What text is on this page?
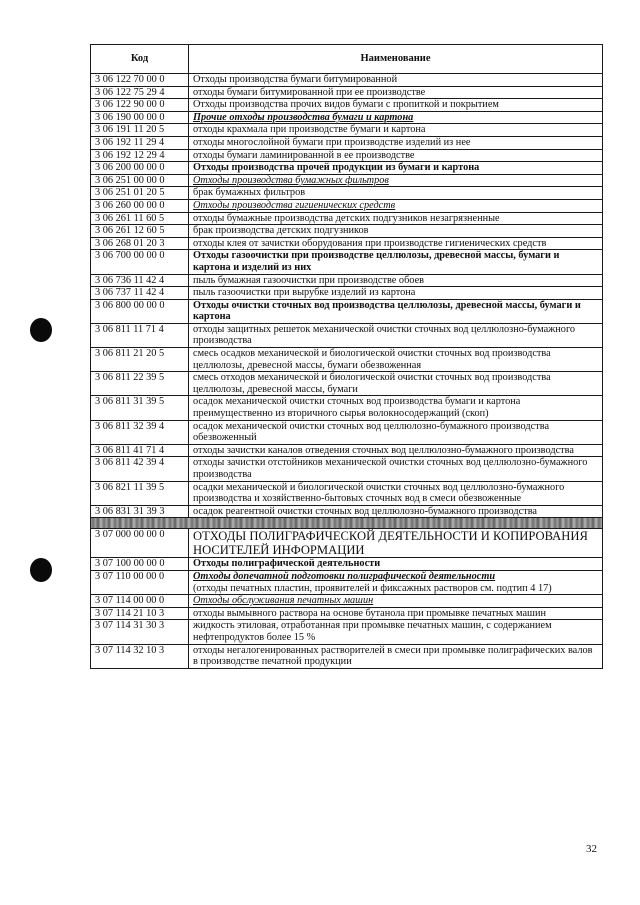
Код	Наименование
3 06 122 70 00 0	Отходы производства бумаги битумированной
3 06 122 75 29 4	отходы бумаги битумированной при ее производстве
3 06 122 90 00 0	Отходы производства прочих видов бумаги с пропиткой и покрытием
3 06 190 00 00 0	Прочие отходы производства бумаги и картона
3 06 191 11 20 5	отходы крахмала при производстве бумаги и картона
3 06 192 11 29 4	отходы многослойной бумаги при производстве изделий из нее
3 06 192 12 29 4	отходы бумаги ламинированной в ее производстве
3 06 200 00 00 0	Отходы производства прочей продукции из бумаги и картона
3 06 251 00 00 0	Отходы производства бумажных фильтров
3 06 251 01 20 5	брак бумажных фильтров
3 06 260 00 00 0	Отходы производства гигиенических средств
3 06 261 11 60 5	отходы бумажные производства детских подгузников незагрязненные
3 06 261 12 60 5	брак производства детских подгузников
3 06 268 01 20 3	отходы клея от зачистки оборудования при производстве гигиенических средств
3 06 700 00 00 0	Отходы газоочистки при производстве целлюлозы, древесной массы, бумаги и картона и изделий из них
3 06 736 11 42 4	пыль бумажная газоочистки при производстве обоев
3 06 737 11 42 4	пыль газоочистки при вырубке изделий из картона
3 06 800 00 00 0	Отходы очистки сточных вод производства целлюлозы, древесной массы, бумаги и картона
3 06 811 11 71 4	отходы защитных решеток механической очистки сточных вод целлюлозно-бумажного производства
3 06 811 21 20 5	смесь осадков механической и биологической очистки сточных вод производства целлюлозы, древесной массы, бумаги обезвоженная
3 06 811 22 39 5	смесь отходов механической и биологической очистки сточных вод производства целлюлозы, древесной массы, бумаги
3 06 811 31 39 5	осадок механической очистки сточных вод производства бумаги и картона преимущественно из вторичного сырья волокносодержащий (скоп)
3 06 811 32 39 4	осадок механической очистки сточных вод целлюлозно-бумажного производства обезвоженный
3 06 811 41 71 4	отходы зачистки каналов отведения сточных вод целлюлозно-бумажного производства
3 06 811 42 39 4	отходы зачистки отстойников механической очистки сточных вод целлюлозно-бумажного производства
3 06 821 11 39 5	осадки механической и биологической очистки сточных вод целлюлозно-бумажного производства и хозяйственно-бытовых сточных вод в смеси обезвоженные
3 06 831 31 39 3	осадок реагентной очистки сточных вод целлюлозно-бумажного производства

3 07 000 00 00 0	ОТХОДЫ ПОЛИГРАФИЧЕСКОЙ ДЕЯТЕЛЬНОСТИ И КОПИРОВАНИЯ НОСИТЕЛЕЙ ИНФОРМАЦИИ
3 07 100 00 00 0	Отходы полиграфической деятельности
3 07 110 00 00 0	Отходы допечатной подготовки полиграфической деятельности
(отходы печатных пластин, проявителей и фиксажных растворов см. подтип 4 17)
3 07 114 00 00 0	Отходы обслуживания печатных машин
3 07 114 21 10 3	отходы вымывного раствора на основе бутанола при промывке печатных машин
3 07 114 31 30 3	жидкость этиловая, отработанная при промывке печатных машин, с содержанием нефтепродуктов более 15 %
3 07 114 32 10 3	отходы негалогенированных растворителей в смеси при промывке полиграфических валов в производстве печатной продукции
32
